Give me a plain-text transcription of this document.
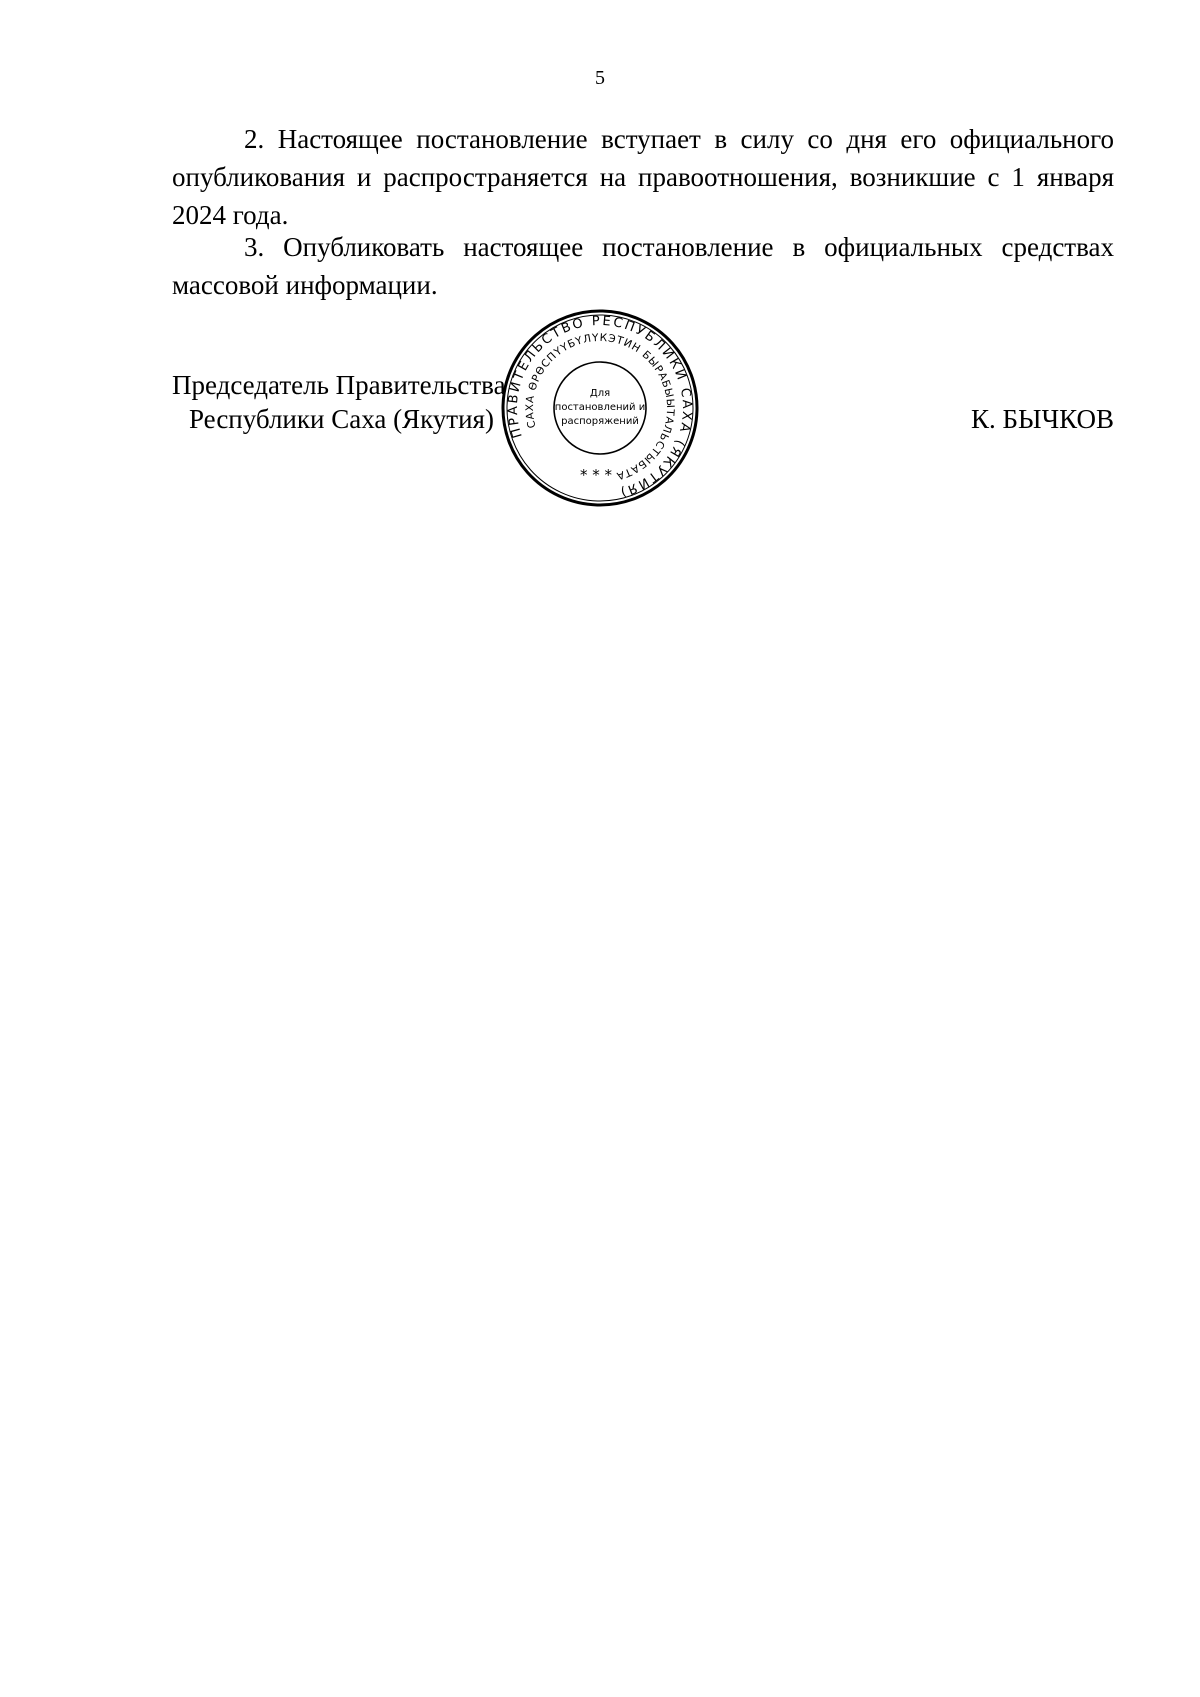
5

2. Настоящее постановление вступает в силу со дня его официального опубликования и распространяется на правоотношения, возникшие с 1 января 2024 года.

3. Опубликовать настоящее постановление в официальных средствах массовой информации.

Председатель Правительства
Республики Саха (Якутия)	К. БЫЧКОВ
ПРАВИТЕЛЬСТВО РЕСПУБЛИКИ САХА (ЯКУТИЯ)
САХА ӨРӨСПҮҮБҮЛҮКЭТИН БЫРАБЫЫТАЛЬСТЫБАТА
Для
постановлений и
распоряжений
* * *
